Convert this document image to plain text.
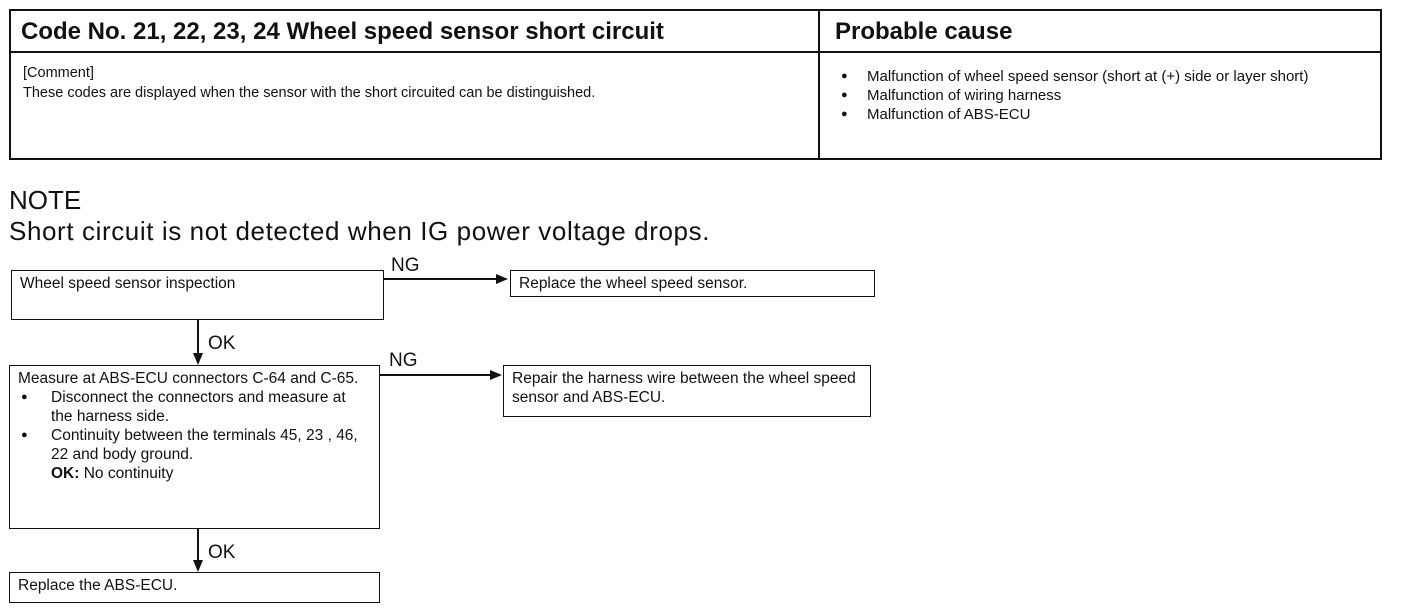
Code No. 21, 22, 23, 24 Wheel speed sensor short circuit	Probable cause
[Comment]
These codes are displayed when the sensor with the short circuited can be distinguished.
● Malfunction of wheel speed sensor (short at (+) side or layer short)
● Malfunction of wiring harness
● Malfunction of ABS-ECU
NOTE
Short circuit is not detected when IG power voltage drops.
Wheel speed sensor inspection
NG
Replace the wheel speed sensor.
OK
Measure at ABS-ECU connectors C-64 and C-65.
● Disconnect the connectors and measure at the harness side.
● Continuity between the terminals 45, 23 , 46, 22 and body ground.
OK: No continuity
NG
Repair the harness wire between the wheel speed sensor and ABS-ECU.
OK
Replace the ABS-ECU.
